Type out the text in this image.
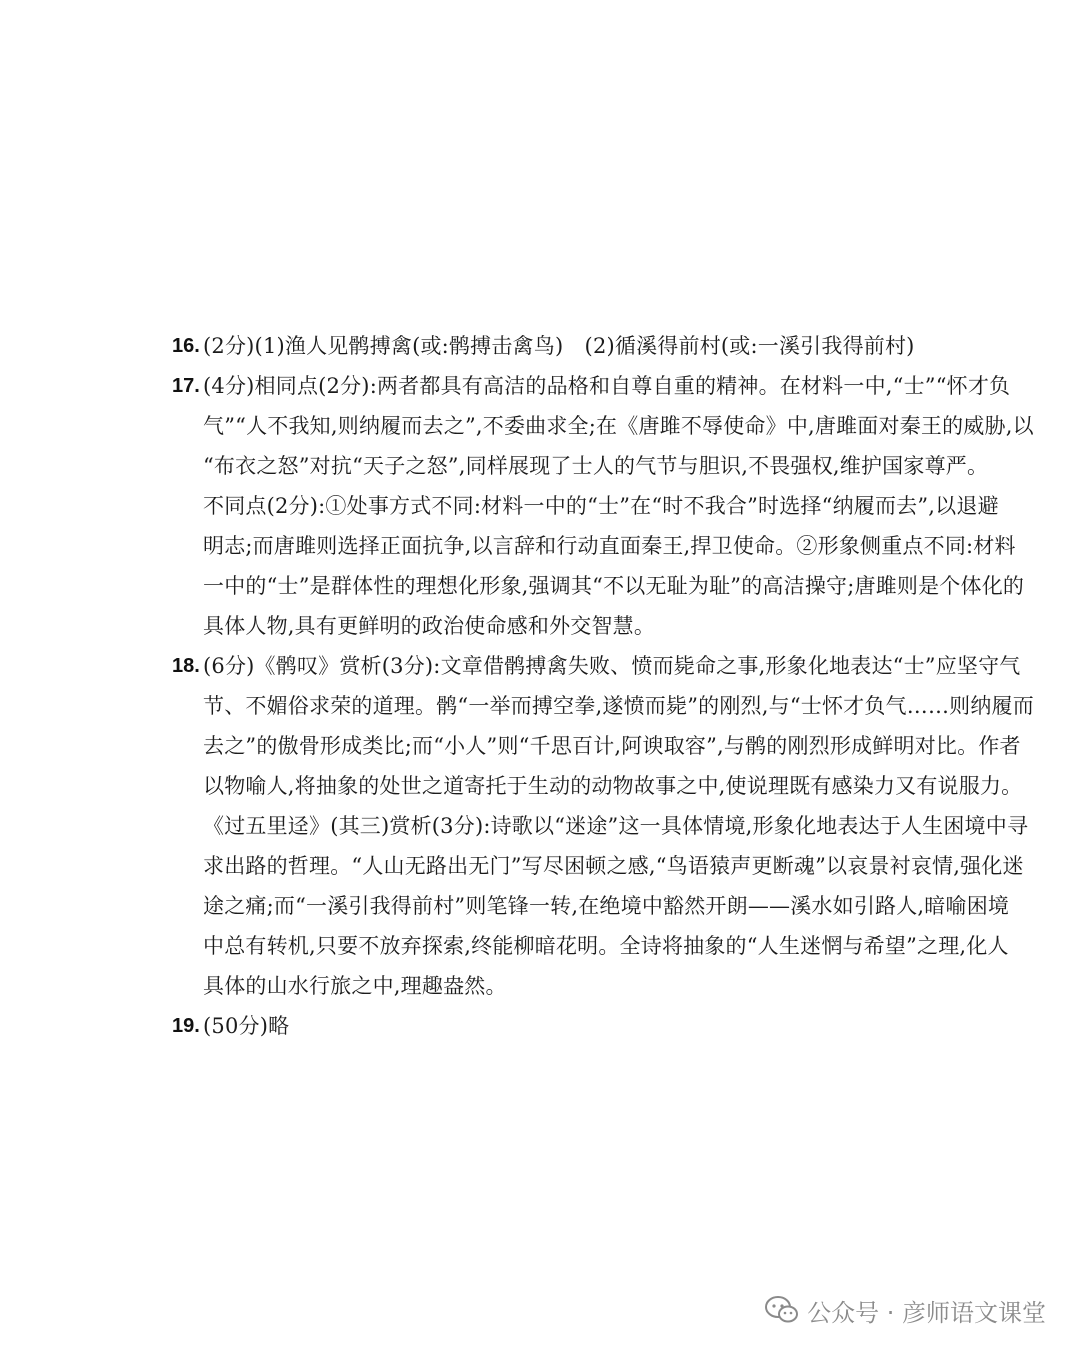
16. (2分)(1)渔人见鹘搏禽(或:鹘搏击禽鸟)　(2)循溪得前村(或:一溪引我得前村)
17. (4分)相同点(2分):两者都具有高洁的品格和自尊自重的精神。在材料一中,“士”“怀才负
气”“人不我知,则纳履而去之”,不委曲求全;在《唐雎不辱使命》中,唐雎面对秦王的威胁,以
“布衣之怒”对抗“天子之怒”,同样展现了士人的气节与胆识,不畏强权,维护国家尊严。
不同点(2分):①处事方式不同:材料一中的“士”在“时不我合”时选择“纳履而去”,以退避
明志;而唐雎则选择正面抗争,以言辞和行动直面秦王,捍卫使命。②形象侧重点不同:材料
一中的“士”是群体性的理想化形象,强调其“不以无耻为耻”的高洁操守;唐雎则是个体化的
具体人物,具有更鲜明的政治使命感和外交智慧。
18. (6分)《鹘叹》赏析(3分):文章借鹘搏禽失败、愤而毙命之事,形象化地表达“士”应坚守气
节、不媚俗求荣的道理。鹘“一举而搏空拳,遂愤而毙”的刚烈,与“士怀才负气……则纳履而
去之”的傲骨形成类比;而“小人”则“千思百计,阿谀取容”,与鹘的刚烈形成鲜明对比。作者
以物喻人,将抽象的处世之道寄托于生动的动物故事之中,使说理既有感染力又有说服力。
《过五里迳》(其三)赏析(3分):诗歌以“迷途”这一具体情境,形象化地表达于人生困境中寻
求出路的哲理。“人山无路出无门”写尽困顿之感,“鸟语猿声更断魂”以哀景衬哀情,强化迷
途之痛;而“一溪引我得前村”则笔锋一转,在绝境中豁然开朗——溪水如引路人,暗喻困境
中总有转机,只要不放弃探索,终能柳暗花明。全诗将抽象的“人生迷惘与希望”之理,化人
具体的山水行旅之中,理趣盎然。
19. (50分)略
公众号 · 彦师语文课堂
